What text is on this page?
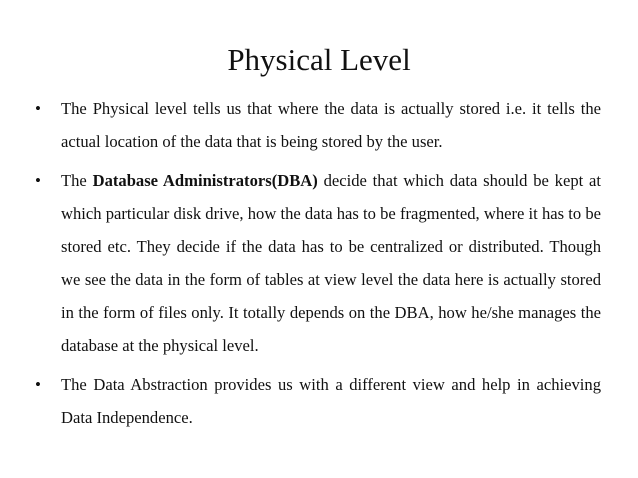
Physical Level
•	The Physical level tells us that where the data is actually stored i.e. it tells the actual location of the data that is being stored by the user.
•	The Database Administrators(DBA) decide that which data should be kept at which particular disk drive, how the data has to be fragmented, where it has to be stored etc. They decide if the data has to be centralized or distributed. Though we see the data in the form of tables at view level the data here is actually stored in the form of files only. It totally depends on the DBA, how he/she manages the database at the physical level.
•	The Data Abstraction provides us with a different view and help in achieving Data Independence.
